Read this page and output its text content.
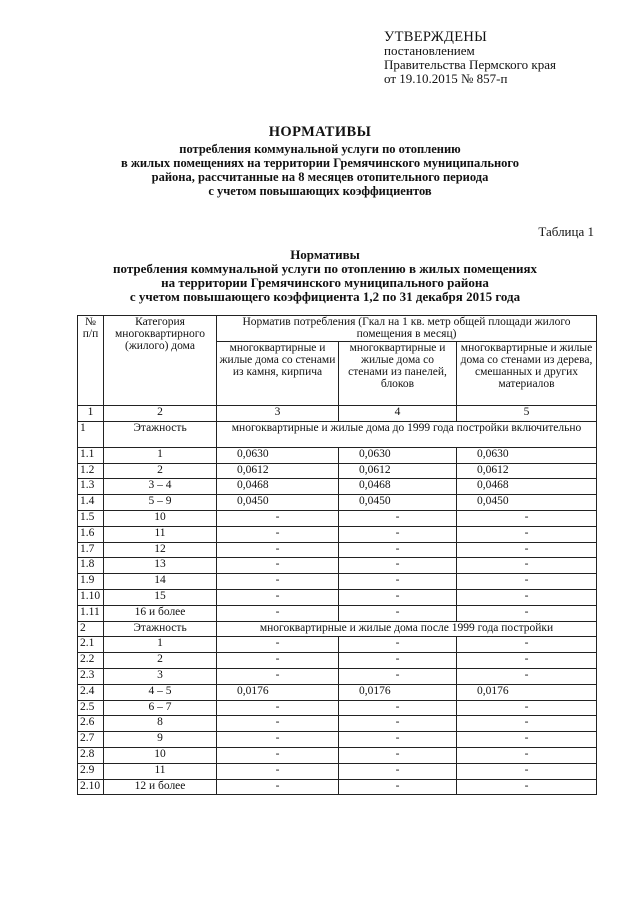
УТВЕРЖДЕНЫ
постановлением
Правительства Пермского края
от 19.10.2015 № 857-п
НОРМАТИВЫ
потребления коммунальной услуги по отоплению
в жилых помещениях на территории Гремячинского муниципального
района, рассчитанные на 8 месяцев отопительного периода
с учетом повышающих коэффициентов
Таблица 1
Нормативы
потребления коммунальной услуги по отоплению в жилых помещениях
на территории Гремячинского муниципального района
с учетом повышающего коэффициента 1,2 по 31 декабря 2015 года
№ п/п	Категория многоквартирного (жилого) дома	Норматив потребления (Гкал на 1 кв. метр общей площади жилого помещения в месяц)		
		многоквартирные и жилые дома со стенами из камня, кирпича	многоквартирные и жилые дома со стенами из панелей, блоков	многоквартирные и жилые дома со стенами из дерева, смешанных и других материалов
1	2	3	4	5
1	Этажность	многоквартирные и жилые дома до 1999 года постройки включительно		
1.1	1	0,0630	0,0630	0,0630
1.2	2	0,0612	0,0612	0,0612
1.3	3 – 4	0,0468	0,0468	0,0468
1.4	5 – 9	0,0450	0,0450	0,0450
1.5	10	-	-	-
1.6	11	-	-	-
1.7	12	-	-	-
1.8	13	-	-	-
1.9	14	-	-	-
1.10	15	-	-	-
1.11	16 и более	-	-	-
2	Этажность	многоквартирные и жилые дома после 1999 года постройки		
2.1	1	-	-	-
2.2	2	-	-	-
2.3	3	-	-	-
2.4	4 – 5	0,0176	0,0176	0,0176
2.5	6 – 7	-	-	-
2.6	8	-	-	-
2.7	9	-	-	-
2.8	10	-	-	-
2.9	11	-	-	-
2.10	12 и более	-	-	-
